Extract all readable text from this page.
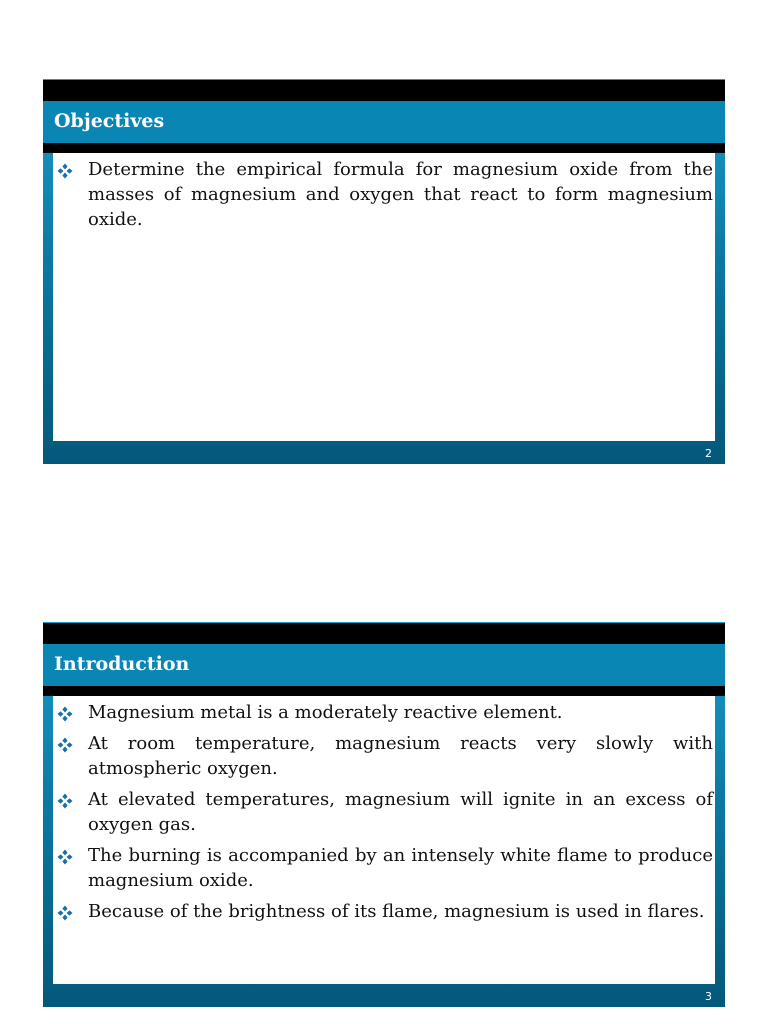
Objectives
Determine the empirical formula for magnesium oxide from the masses of magnesium and oxygen that react to form magnesium oxide.

2

Introduction
Magnesium metal is a moderately reactive element.
At room temperature, magnesium reacts very slowly with atmospheric oxygen.
At elevated temperatures, magnesium will ignite in an excess of oxygen gas.
The burning is accompanied by an intensely white flame to produce magnesium oxide.
Because of the brightness of its flame, magnesium is used in flares.

3
